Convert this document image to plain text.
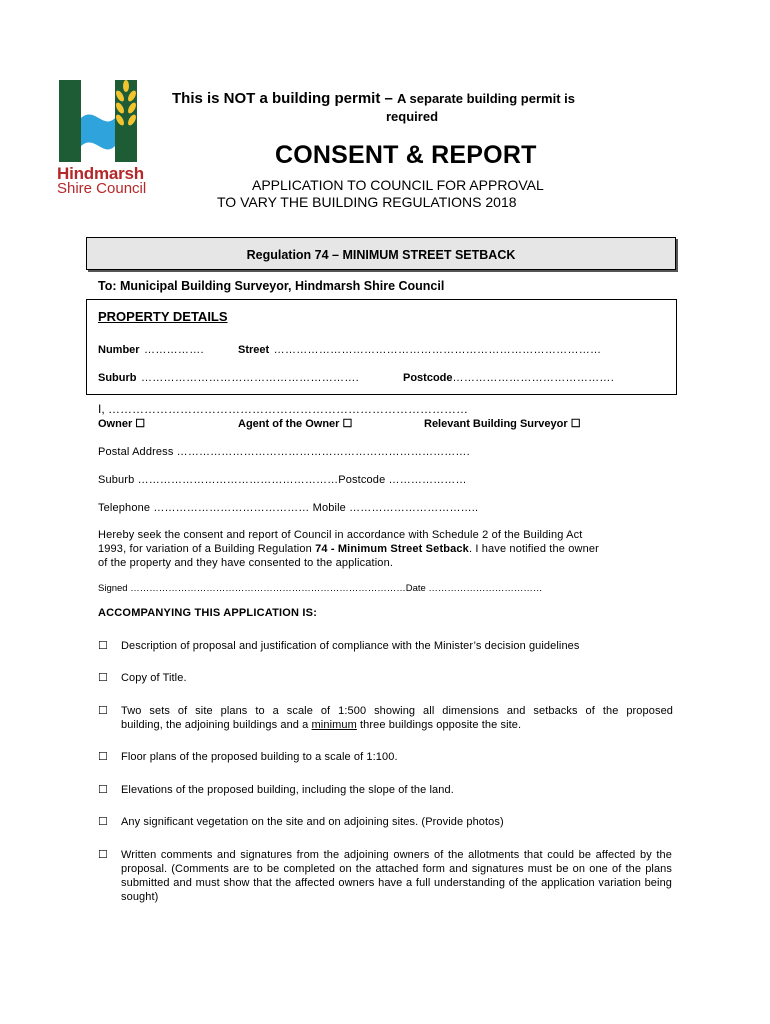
Hindmarsh
Shire Council
This is NOT a building permit – A separate building permit is
required
CONSENT & REPORT
APPLICATION TO COUNCIL FOR APPROVAL
TO VARY THE BUILDING REGULATIONS 2018
Regulation 74 – MINIMUM STREET SETBACK
To: Municipal Building Surveyor, Hindmarsh Shire Council
PROPERTY DETAILS
Number …………….	Street ……………………………………………………………………………
Suburb ………………………………………………….	Postcode…………………………………….
I, ………………………………………………………………………………
Owner ☐	Agent of the Owner ☐	Relevant Building Surveyor ☐
Postal Address …………………………………………………………………….
Suburb ………………………………………………Postcode …………………
Telephone …………………………………… Mobile ……………………………..
Hereby seek the consent and report of Council in accordance with Schedule 2 of the Building Act
1993, for variation of a Building Regulation 74 - Minimum Street Setback. I have notified the owner
of the property and they have consented to the application.
Signed ……………………………………………………………………………Date ………………………………
ACCOMPANYING THIS APPLICATION IS:
☐ Description of proposal and justification of compliance with the Minister’s decision guidelines
☐ Copy of Title.
☐ Two sets of site plans to a scale of 1:500 showing all dimensions and setbacks of the proposed
building, the adjoining buildings and a minimum three buildings opposite the site.
☐ Floor plans of the proposed building to a scale of 1:100.
☐ Elevations of the proposed building, including the slope of the land.
☐ Any significant vegetation on the site and on adjoining sites. (Provide photos)
☐ Written comments and signatures from the adjoining owners of the allotments that could be affected by the proposal. (Comments are to be completed on the attached form and signatures must be on one of the plans submitted and must show that the affected owners have a full understanding of the application variation being sought)
